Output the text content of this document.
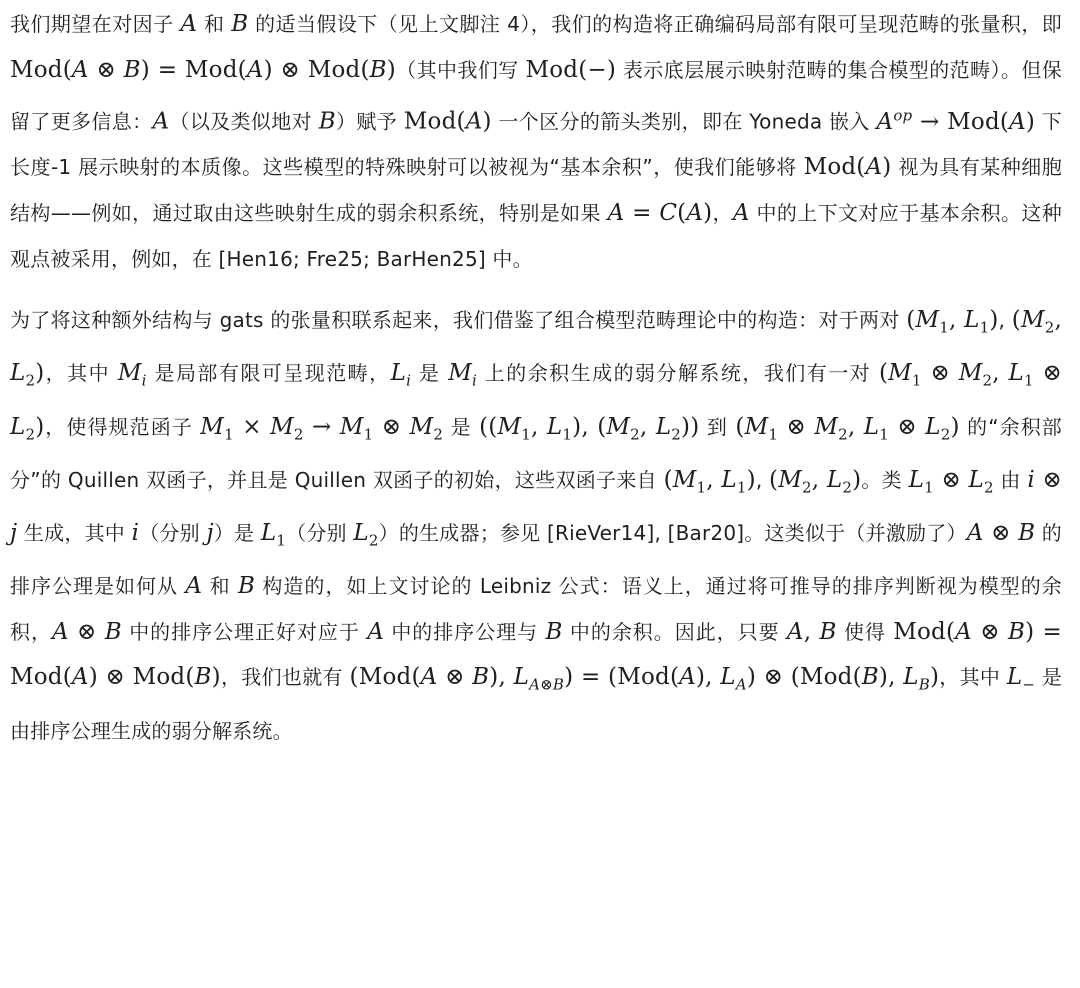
我们期望在对因子 A 和 B 的适当假设下（见上文脚注 4），我们的构造将正确编码局部有限可呈现范畴的张量积，即 Mod(A ⊗ B) = Mod(A) ⊗ Mod(B)（其中我们写 Mod(−) 表示底层展示映射范畴的集合模型的范畴）。但保留了更多信息：A（以及类似地对 B）赋予 Mod(A) 一个区分的箭头类别，即在 Yoneda 嵌入 $A^{op} \to Mod(A)$ 下长度-1 展示映射的本质像。这些模型的特殊映射可以被视为“基本余积”，使我们能够将 Mod(A) 视为具有某种细胞结构——例如，通过取由这些映射生成的弱余积系统，特别是如果 A = C(A)，A 中的上下文对应于基本余积。这种观点被采用，例如，在 [Hen16; Fre25; BarHen25] 中。

为了将这种额外结构与 gats 的张量积联系起来，我们借鉴了组合模型范畴理论中的构造：对于两对 ($M_1$, $L_1$), ($M_2$, $L_2$)，其中 $M_i$ 是局部有限可呈现范畴，$L_i$ 是 $M_i$ 上的余积生成的弱分解系统，我们有一对 ($M_1$ ⊗ $M_2$, $L_1$ ⊗ $L_2$)，使得规范函子 $M_1 \times M_2 \to M_1$ ⊗ $M_2$ 是 (($M_1$, $L_1$), ($M_2$, $L_2$)) 到 ($M_1$ ⊗ $M_2$, $L_1$ ⊗ $L_2$) 的“余积部分”的 Quillen 双函子，并且是 Quillen 双函子的初始，这些双函子来自 ($M_1$, $L_1$), ($M_2$, $L_2$)。类 $L_1$ ⊗ $L_2$ 由 i ⊗ j 生成，其中 i（分别 j）是 $L_1$（分别 $L_2$）的生成器；参见 [RieVer14], [Bar20]。这类似于（并激励了）A ⊗ B 的排序公理是如何从 A 和 B 构造的，如上文讨论的 Leibniz 公式：语义上，通过将可推导的排序判断视为模型的余积，A ⊗ B 中的排序公理正好对应于 A 中的排序公理与 B 中的余积。因此，只要 A, B 使得 Mod(A ⊗ B) = Mod(A) ⊗ Mod(B)，我们也就有 (Mod(A ⊗ B), $L_{A\otimes B}) = (Mod(A)$, $L_A$) ⊗ (Mod(B), $L_B$)，其中 $L_-$ 是由排序公理生成的弱分解系统。
